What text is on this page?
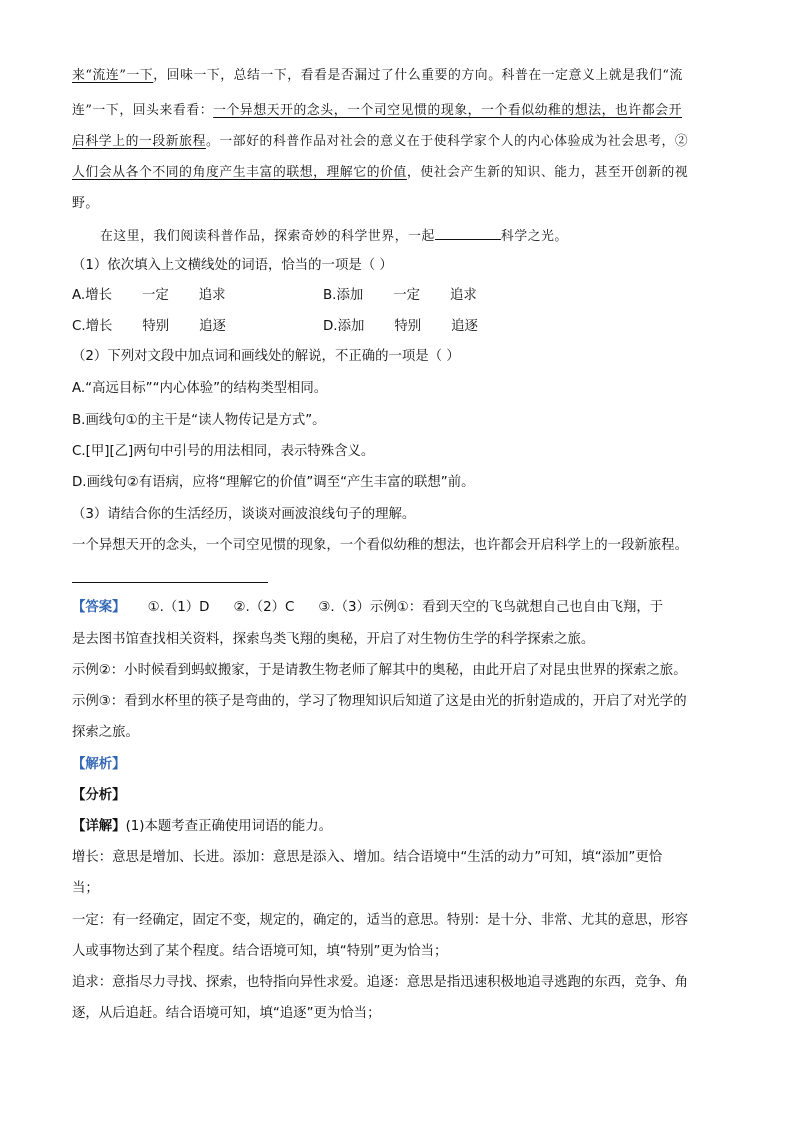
来“流连”一下，回味一下，总结一下，看看是否漏过了什么重要的方向。科普在一定意义上就是我们“流
连”一下，回头来看看：一个异想天开的念头，一个司空见惯的现象，一个看似幼稚的想法，也许都会开
启科学上的一段新旅程。一部好的科普作品对社会的意义在于使科学家个人的内心体验成为社会思考，②
人们会从各个不同的角度产生丰富的联想，理解它的价值，使社会产生新的知识、能力，甚至开创新的视
野。
在这里，我们阅读科普作品，探索奇妙的科学世界，一起	科学之光。
（1）依次填入上文横线处的词语，恰当的一项是（ ）
A.增长 一定 追求	B.添加 一定 追求
C.增长 特别 追逐	D.添加 特别 追逐
（2）下列对文段中加点词和画线处的解说，不正确的一项是（ ）
A.“高远目标”“内心体验”的结构类型相同。
B.画线句①的主干是“读人物传记是方式”。
C.[甲][乙]两句中引号的用法相同，表示特殊含义。
D.画线句②有语病，应将“理解它的价值”调至“产生丰富的联想”前。
（3）请结合你的生活经历，谈谈对画波浪线句子的理解。
一个异想天开的念头，一个司空见惯的现象，一个看似幼稚的想法，也许都会开启科学上的一段新旅程。
【答案】 ①.（1）D ②.（2）C ③.（3）示例①：看到天空的飞鸟就想自己也自由飞翔，于
是去图书馆查找相关资料，探索鸟类飞翔的奥秘，开启了对生物仿生学的科学探索之旅。
示例②：小时候看到蚂蚁搬家，于是请教生物老师了解其中的奥秘，由此开启了对昆虫世界的探索之旅。
示例③：看到水杯里的筷子是弯曲的，学习了物理知识后知道了这是由光的折射造成的，开启了对光学的
探索之旅。
【解析】
【分析】
【详解】(1)本题考查正确使用词语的能力。
增长：意思是增加、长进。添加：意思是添入、增加。结合语境中“生活的动力”可知，填“添加”更恰
当；
一定：有一经确定，固定不变，规定的，确定的，适当的意思。特别：是十分、非常、尤其的意思，形容
人或事物达到了某个程度。结合语境可知，填“特别”更为恰当；
追求：意指尽力寻找、探索，也特指向异性求爱。追逐：意思是指迅速积极地追寻逃跑的东西，竞争、角
逐，从后追赶。结合语境可知，填“追逐”更为恰当；
